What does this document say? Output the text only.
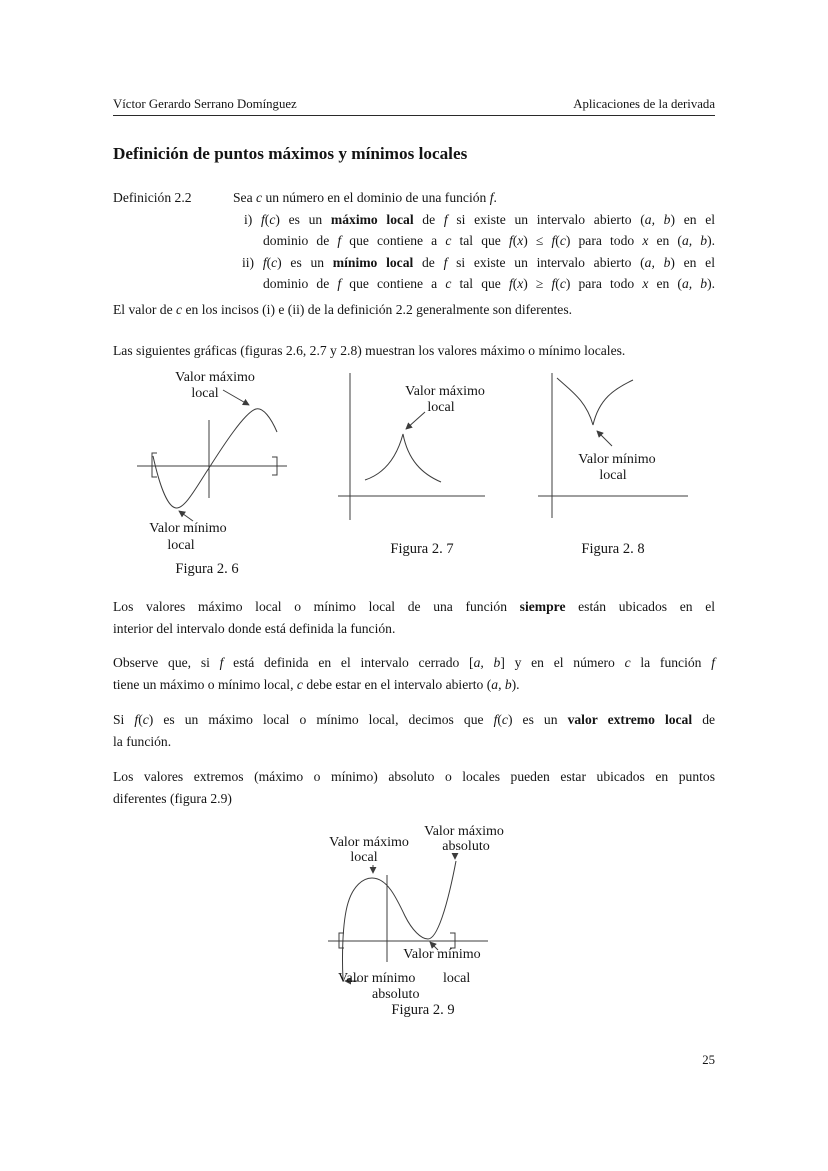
Víctor Gerardo Serrano Domínguez	Aplicaciones de la derivada
Definición de puntos máximos y mínimos locales
Definición 2.2	Sea c un número en el dominio de una función f.
i) f(c) es un máximo local de f si existe un intervalo abierto (a, b) en el
dominio de f que contiene a c tal que f(x) ≤ f(c) para todo x en (a, b).
ii) f(c) es un mínimo local de f si existe un intervalo abierto (a, b) en el
dominio de f que contiene a c tal que f(x) ≥ f(c) para todo x en (a, b).
El valor de c en los incisos (i) e (ii) de la definición 2.2 generalmente son diferentes.
Las siguientes gráficas (figuras 2.6, 2.7 y 2.8) muestran los valores máximo o mínimo locales.
Valor máximo
local
Valor mínimo
local
Figura 2. 6
Valor máximo
local
Figura 2. 7
Valor mínimo
local
Figura 2. 8
Los valores máximo local o mínimo local de una función siempre están ubicados en el
interior del intervalo donde está definida la función.
Observe que, si f está definida en el intervalo cerrado [a, b] y en el número c la función f
tiene un máximo o mínimo local, c debe estar en el intervalo abierto (a, b).
Si f(c) es un máximo local o mínimo local, decimos que f(c) es un valor extremo local de
la función.
Los valores extremos (máximo o mínimo) absoluto o locales pueden estar ubicados en puntos
diferentes (figura 2.9)
Valor máximo
local
Valor máximo
absoluto
Valor mínimo
local
Valor mínimo
absoluto
Figura 2. 9
25
